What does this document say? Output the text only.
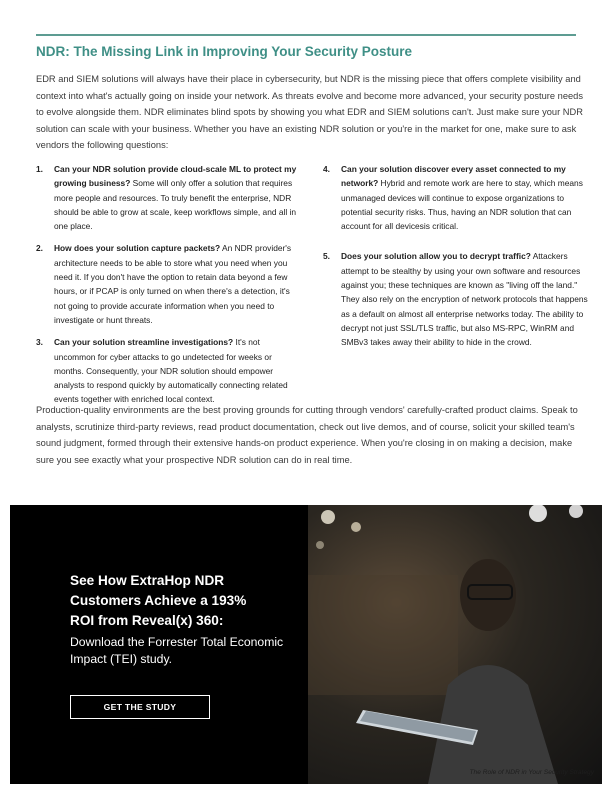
NDR: The Missing Link in Improving Your Security Posture
EDR and SIEM solutions will always have their place in cybersecurity, but NDR is the missing piece that offers complete visibility and context into what's actually going on inside your network. As threats evolve and become more advanced, your security posture needs to evolve alongside them. NDR eliminates blind spots by showing you what EDR and SIEM solutions can't. Just make sure your NDR solution can scale with your business. Whether you have an existing NDR solution or you're in the market for one, make sure to ask vendors the following questions:
1. Can your NDR solution provide cloud-scale ML to protect my growing business? Some will only offer a solution that requires more people and resources. To truly benefit the enterprise, NDR should be able to grow at scale, keep workflows simple, and all in one place.
2. How does your solution capture packets? An NDR provider's architecture needs to be able to store what you need when you need it. If you don't have the option to retain data beyond a few hours, or if PCAP is only turned on when there's a detection, it's not going to provide accurate information when you need to investigate or hunt threats.
3. Can your solution streamline investigations? It's not uncommon for cyber attacks to go undetected for weeks or months. Consequently, your NDR solution should empower analysts to respond quickly by automatically connecting related events together with enriched local context.
4. Can your solution discover every asset connected to my network? Hybrid and remote work are here to stay, which means unmanaged devices will continue to expose organizations to potential security risks. Thus, having an NDR solution that can account for all devicesis critical.
5. Does your solution allow you to decrypt traffic? Attackers attempt to be stealthy by using your own software and resources against you; these techniques are known as "living off the land." They also rely on the encryption of network protocols that happens as a default on almost all enterprise networks today. The ability to decrypt not just SSL/TLS traffic, but also MS-RPC, WinRM and SMBv3 takes away their ability to hide in the crowd.
Production-quality environments are the best proving grounds for cutting through vendors' carefully-crafted product claims. Speak to analysts, scrutinize third-party reviews, read product documentation, check out live demos, and of course, solicit your skilled team's sound judgment, formed through their extensive hands-on product experience. When you're closing in on making a decision, make sure you see exactly what your prospective NDR solution can do in real time.
See How ExtraHop NDR Customers Achieve a 193% ROI from Reveal(x) 360:
Download the Forrester Total Economic Impact (TEI) study.
GET THE STUDY
The Role of NDR in Your Security Strategy
